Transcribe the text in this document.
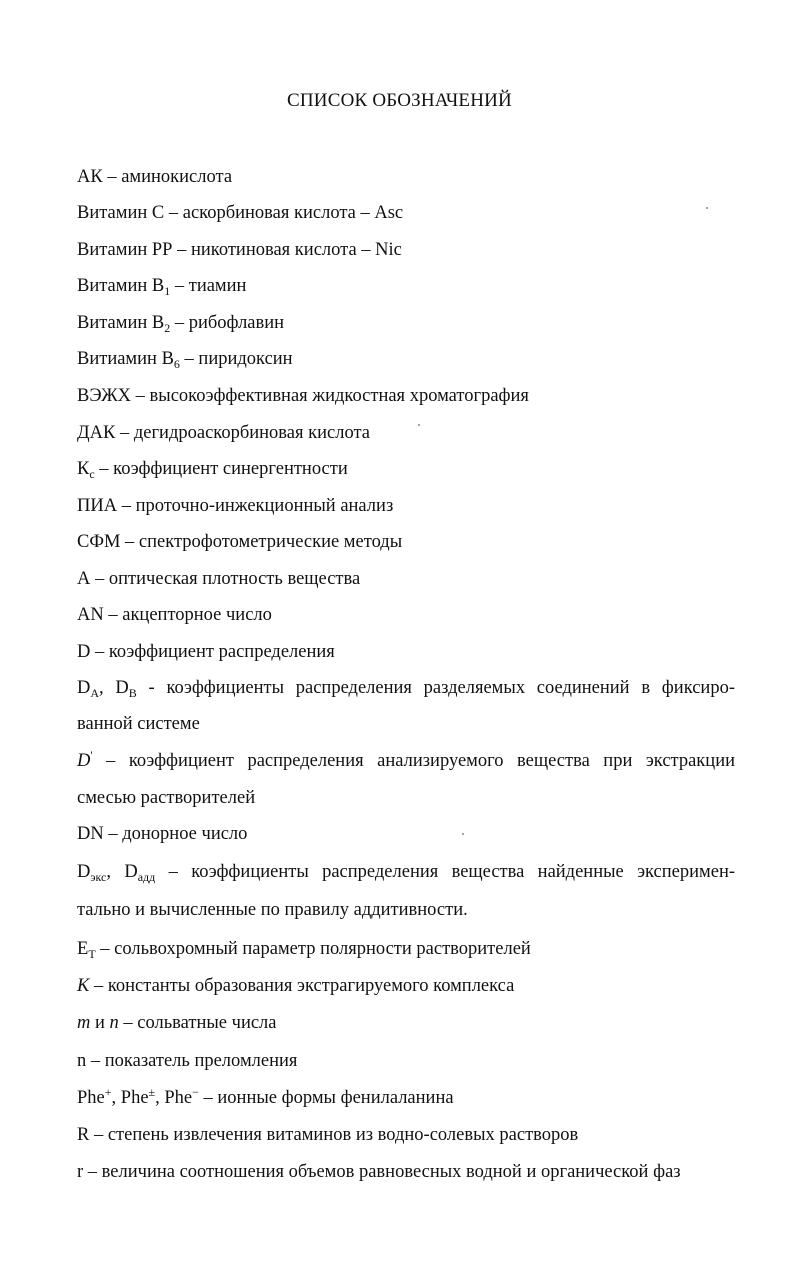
СПИСОК ОБОЗНАЧЕНИЙ
АК – аминокислота
Витамин С – аскорбиновая кислота – Asc
Витамин РР – никотиновая кислота – Nic
Витамин $В_1$ – тиамин
Витамин $В_2$ – рибофлавин
Витиамин $В_6$ – пиридоксин
ВЭЖХ – высокоэффективная жидкостная хроматография
ДАК – дегидроаскорбиновая кислота
$К_с$ – коэффициент синергентности
ПИА – проточно-инжекционный анализ
СФМ – спектрофотометрические методы
А – оптическая плотность вещества
AN – акцепторное число
D – коэффициент распределения
$D_A$, $D_B$ - коэффициенты распределения разделяемых соединений в фиксиро-
ванной системе
D' – коэффициент распределения анализируемого вещества при экстракции
смесью растворителей
DN – донорное число
$D_{экс}$, $D_{адд}$ – коэффициенты распределения вещества найденные эксперимен-
тально и вычисленные по правилу аддитивности.
$E_T$ – сольвохромный параметр полярности растворителей
K – константы образования экстрагируемого комплекса
m и n – сольватные числа
n – показатель преломления
Phe+, Phe±, Phe− – ионные формы фенилаланина
R – степень извлечения витаминов из водно-солевых растворов
r – величина соотношения объемов равновесных водной и органической фаз
